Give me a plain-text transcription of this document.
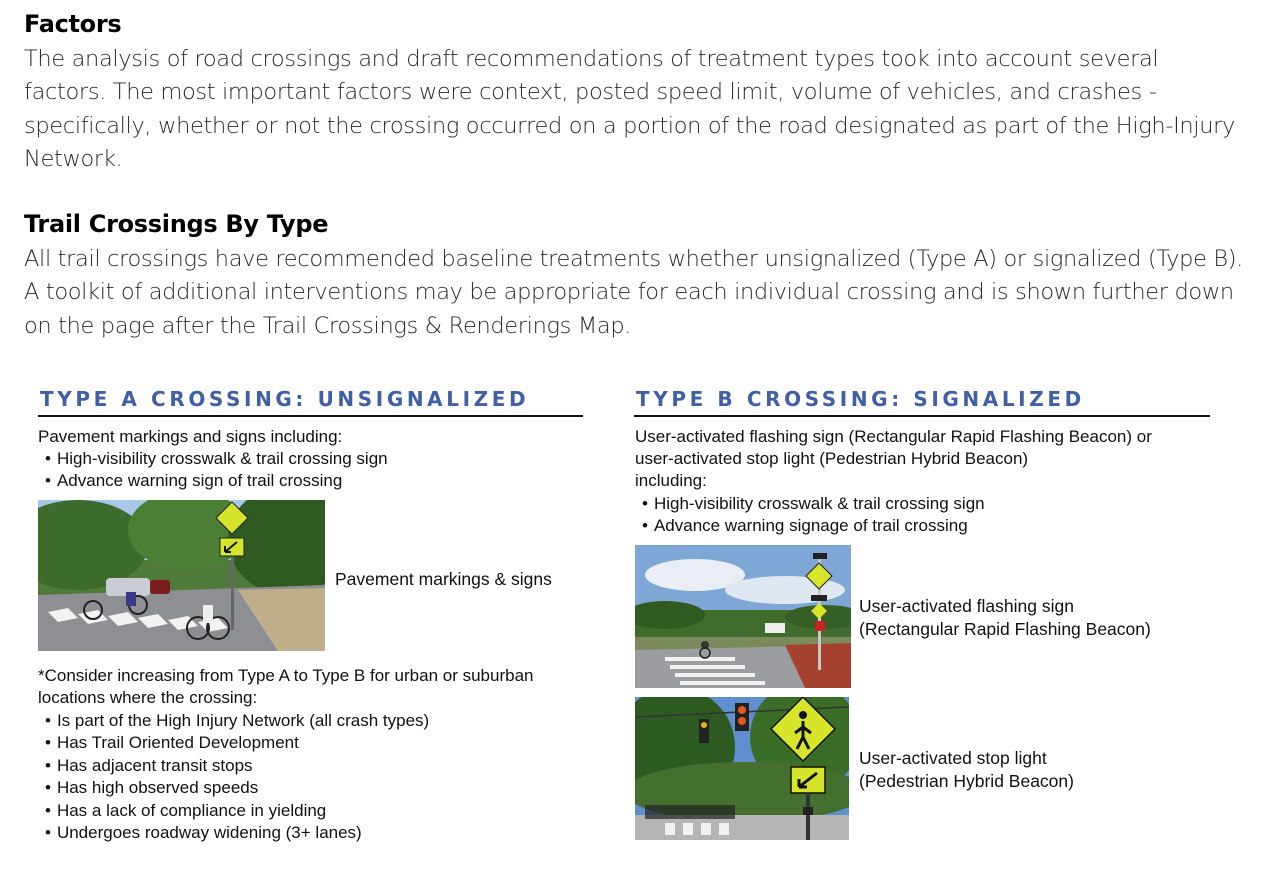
Factors

The analysis of road crossings and draft recommendations of treatment types took into account several factors. The most important factors were context, posted speed limit, volume of vehicles, and crashes - specifically, whether or not the crossing occurred on a portion of the road designated as part of the High-Injury Network.

Trail Crossings By Type

All trail crossings have recommended baseline treatments whether unsignalized (Type A) or signalized (Type B). A toolkit of additional interventions may be appropriate for each individual crossing and is shown further down on the page after the Trail Crossings & Renderings Map.

TYPE A CROSSING: UNSIGNALIZED

Pavement markings and signs including:

• High-visibility crosswalk & trail crossing sign
• Advance warning sign of trail crossing

Pavement markings & signs

*Consider increasing from Type A to Type B for urban or suburban

locations where the crossing:

• Is part of the High Injury Network (all crash types)
• Has Trail Oriented Development
• Has adjacent transit stops
• Has high observed speeds
• Has a lack of compliance in yielding
• Undergoes roadway widening (3+ lanes)
TYPE B CROSSING: SIGNALIZED

User-activated flashing sign (Rectangular Rapid Flashing Beacon) or

user-activated stop light (Pedestrian Hybrid Beacon)

including:

• High-visibility crosswalk & trail crossing sign
• Advance warning signage of trail crossing

User-activated flashing sign

(Rectangular Rapid Flashing Beacon)

User-activated stop light

(Pedestrian Hybrid Beacon)
